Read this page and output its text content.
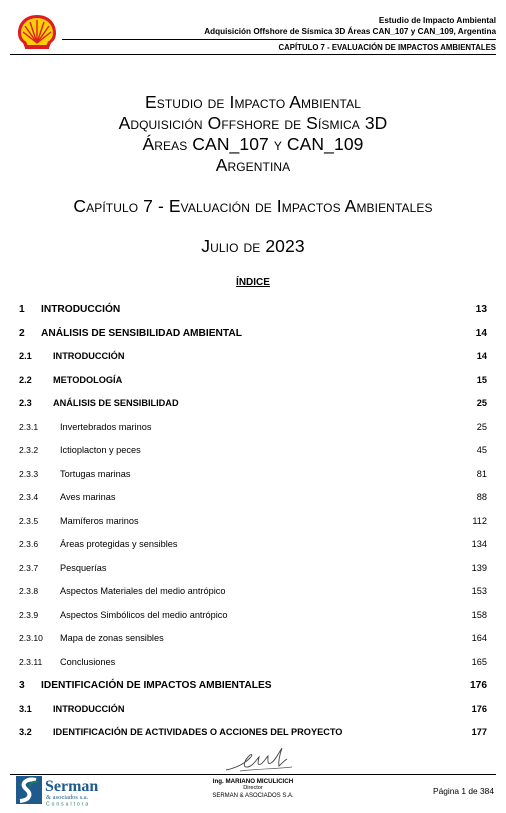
Estudio de Impacto Ambiental
Adquisición Offshore de Sísmica 3D Áreas CAN_107 y CAN_109, Argentina
CAPÍTULO 7 - EVALUACIÓN DE IMPACTOS AMBIENTALES
Estudio de Impacto Ambiental
Adquisición Offshore de Sísmica 3D
Áreas CAN_107 y CAN_109
Argentina
Capítulo 7 - Evaluación de Impactos Ambientales
Julio de 2023
ÍNDICE
1 INTRODUCCIÓN	13
2 ANÁLISIS DE SENSIBILIDAD AMBIENTAL	14
2.1 INTRODUCCIÓN	14
2.2 METODOLOGÍA	15
2.3 ANÁLISIS DE SENSIBILIDAD	25
2.3.1 Invertebrados marinos	25
2.3.2 Ictioplacton y peces	45
2.3.3 Tortugas marinas	81
2.3.4 Aves marinas	88
2.3.5 Mamíferos marinos	112
2.3.6 Áreas protegidas y sensibles	134
2.3.7 Pesquerías	139
2.3.8 Aspectos Materiales del medio antrópico	153
2.3.9 Aspectos Simbólicos del medio antrópico	158
2.3.10 Mapa de zonas sensibles	164
2.3.11 Conclusiones	165
3 IDENTIFICACIÓN DE IMPACTOS AMBIENTALES	176
3.1 INTRODUCCIÓN	176
3.2 IDENTIFICACIÓN DE ACTIVIDADES O ACCIONES DEL PROYECTO	177
Serman
& asociados s.a.
Consultora
Ing. MARIANO MICULICICH
Director
SERMAN & ASOCIADOS S.A.	Página 1 de 384
